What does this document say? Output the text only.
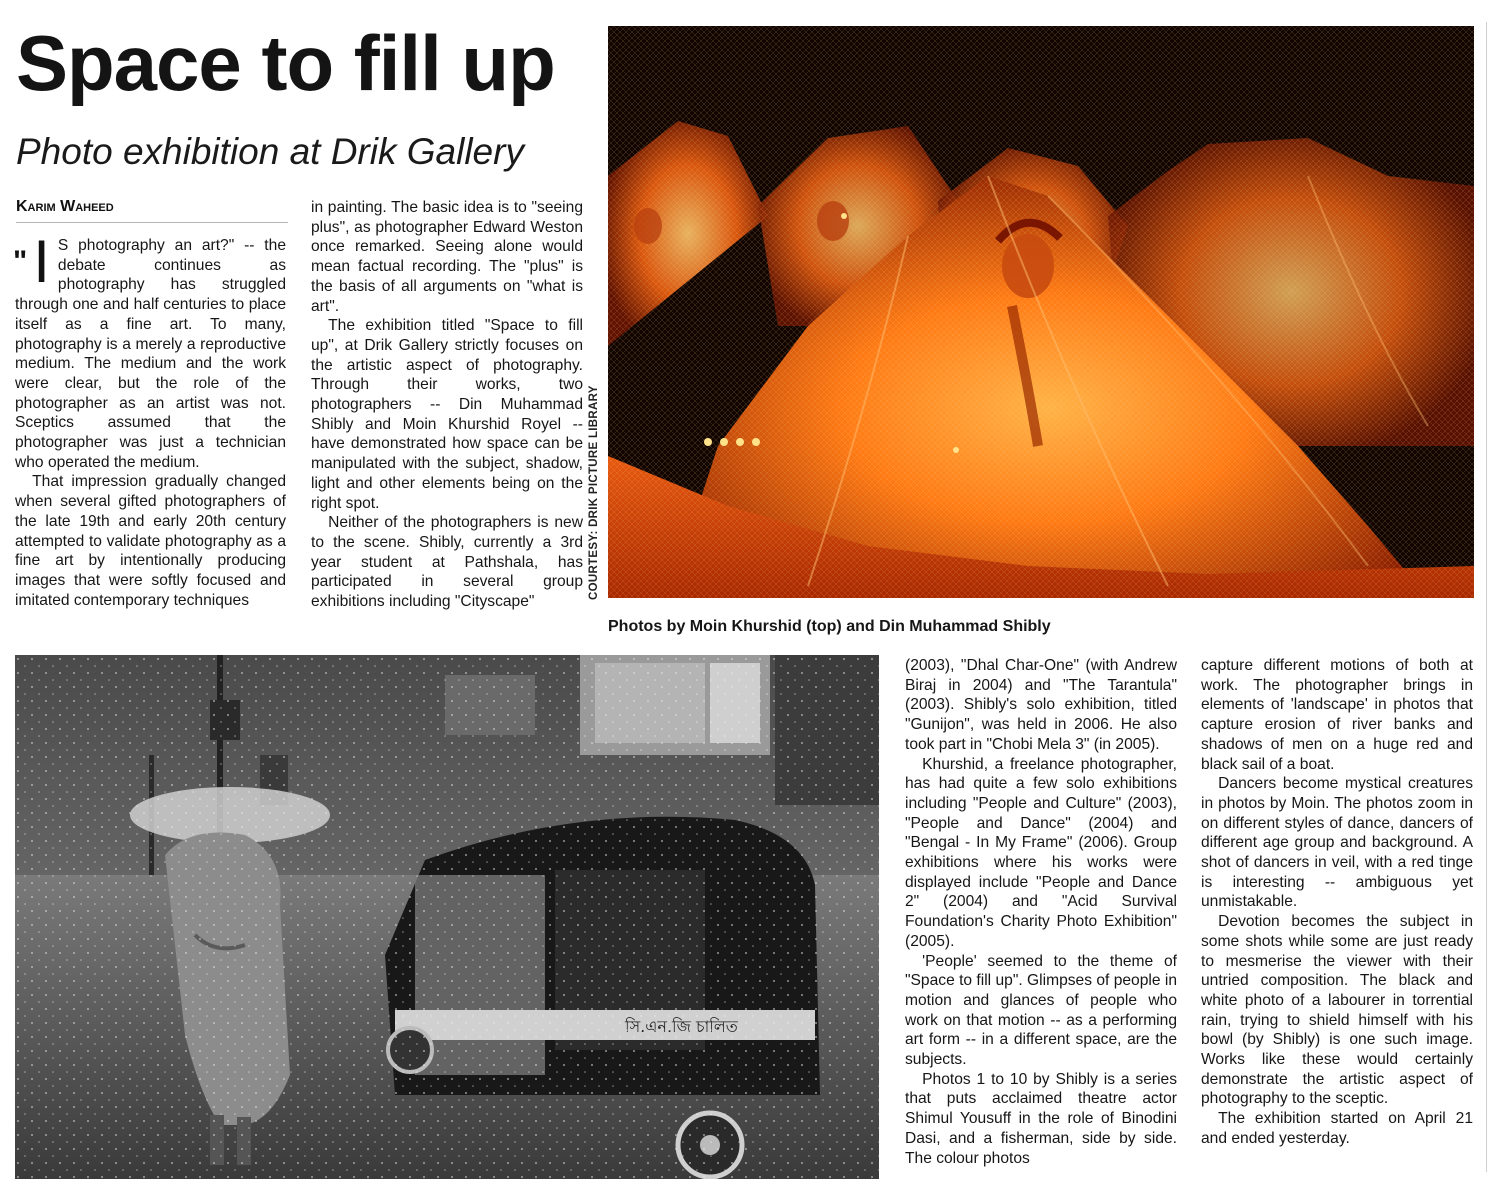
Space to fill up
Photo exhibition at Drik Gallery
Karim Waheed

" I S photography an art?" -- the debate continues as photography has struggled through one and half centuries to place itself as a fine art. To many, photography is a merely a reproductive medium. The medium and the work were clear, but the role of the photographer as an artist was not. Sceptics assumed that the photographer was just a technician who operated the medium.

That impression gradually changed when several gifted photographers of the late 19th and early 20th century attempted to validate photography as a fine art by intentionally producing images that were softly focused and imitated contemporary techniques

in painting. The basic idea is to "seeing plus", as photographer Edward Weston once remarked. Seeing alone would mean factual recording. The "plus" is the basis of all arguments on "what is art".

The exhibition titled "Space to fill up", at Drik Gallery strictly focuses on the artistic aspect of photography. Through their works, two photographers -- Din Muhammad Shibly and Moin Khurshid Royel -- have demonstrated how space can be manipulated with the subject, shadow, light and other elements being on the right spot.

Neither of the photographers is new to the scene. Shibly, currently a 3rd year student at Pathshala, has participated in several group exhibitions including "Cityscape"

COURTESY: DRIK PICTURE LIBRARY
Photos by Moin Khurshid (top) and Din Muhammad Shibly

(2003), "Dhal Char-One" (with Andrew Biraj in 2004) and "The Tarantula" (2003). Shibly's solo exhibition, titled "Gunijon", was held in 2006. He also took part in "Chobi Mela 3" (in 2005).

Khurshid, a freelance photographer, has had quite a few solo exhibitions including "People and Culture" (2003), "People and Dance" (2004) and "Bengal - In My Frame" (2006). Group exhibitions where his works were displayed include "People and Dance 2" (2004) and "Acid Survival Foundation's Charity Photo Exhibition" (2005).

'People' seemed to the theme of "Space to fill up". Glimpses of people in motion and glances of people who work on that motion -- as a performing art form -- in a different space, are the subjects.

Photos 1 to 10 by Shibly is a series that puts acclaimed theatre actor Shimul Yousuff in the role of Binodini Dasi, and a fisherman, side by side. The colour photos

capture different motions of both at work. The photographer brings in elements of 'landscape' in photos that capture erosion of river banks and shadows of men on a huge red and black sail of a boat.

Dancers become mystical creatures in photos by Moin. The photos zoom in on different styles of dance, dancers of different age group and background. A shot of dancers in veil, with a red tinge is interesting -- ambiguous yet unmistakable.

Devotion becomes the subject in some shots while some are just ready to mesmerise the viewer with their untried composition. The black and white photo of a labourer in torrential rain, trying to shield himself with his bowl (by Shibly) is one such image. Works like these would certainly demonstrate the artistic aspect of photography to the sceptic.

The exhibition started on April 21 and ended yesterday.
